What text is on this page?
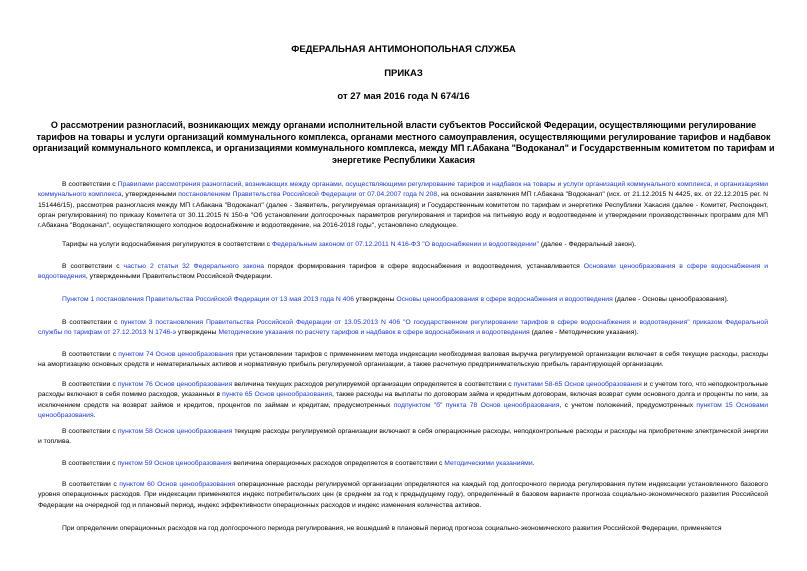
ФЕДЕРАЛЬНАЯ АНТИМОНОПОЛЬНАЯ СЛУЖБА
ПРИКАЗ
от 27 мая 2016 года N 674/16
О рассмотрении разногласий, возникающих между органами исполнительной власти субъектов Российской Федерации, осуществляющими регулирование тарифов на товары и услуги организаций коммунального комплекса, органами местного самоуправления, осуществляющими регулирование тарифов и надбавок организаций коммунального комплекса, и организациями коммунального комплекса, между МП г.Абакана "Водоканал" и Государственным комитетом по тарифам и энергетике Республики Хакасия

В соответствии с Правилами рассмотрения разногласий, возникающих между органами, осуществляющими регулирование тарифов и надбавок на товары и услуги организаций коммунального комплекса, и организациями коммунального комплекса, утвержденными постановлением Правительства Российской Федерации от 07.04.2007 года N 208, на основании заявления МП г.Абакана "Водоканал" (исх. от 21.12.2015 N 4425, вх. от 22.12.2015 рег. N 151446/15), рассмотрев разногласия между МП г.Абакана "Водоканал" (далее - Заявитель, регулируемая организация) и Государственным комитетом по тарифам и энергетике Республики Хакасия (далее - Комитет, Респондент, орган регулирования) по приказу Комитета от 30.11.2015 N 150-в "Об установлении долгосрочных параметров регулирования и тарифов на питьевую воду и водоотведение и утверждении производственных программ для МП г.Абакана "Водоканал", осуществляющего холодное водоснабжение и водоотведение, на 2016-2018 годы", установлено следующее.

Тарифы на услуги водоснабжения регулируются в соответствии с Федеральным законом от 07.12.2011 N 416-ФЗ "О водоснабжении и водоотведении" (далее - Федеральный закон).

В соответствии с частью 2 статьи 32 Федерального закона порядок формирования тарифов в сфере водоснабжения и водоотведения, устанавливается Основами ценообразования в сфере водоснабжения и водоотведения, утвержденными Правительством Российской Федерации.

Пунктом 1 постановления Правительства Российской Федерации от 13 мая 2013 года N 406 утверждены Основы ценообразования в сфере водоснабжения и водоотведения (далее - Основы ценообразования).

В соответствии с пунктом 3 постановления Правительства Российской Федерации от 13.05.2013 N 406 "О государственном регулировании тарифов в сфере водоснабжения и водоотведения" приказом Федеральной службы по тарифам от 27.12.2013 N 1746-э утверждены Методические указания по расчету тарифов и надбавок в сфере водоснабжения и водоотведения (далее - Методические указания).

В соответствии с пунктом 74 Основ ценообразования при установлении тарифов с применением метода индексации необходимая валовая выручка регулируемой организации включает в себя текущие расходы, расходы на амортизацию основных средств и нематериальных активов и нормативную прибыль регулируемой организации, а также расчетную предпринимательскую прибыль гарантирующей организации.

В соответствии с пунктом 76 Основ ценообразования величина текущих расходов регулируемой организации определяется в соответствии с пунктами 58-65 Основ ценообразования и с учетом того, что неподконтрольные расходы включают в себя помимо расходов, указанных в пункте 65 Основ ценообразования, также расходы на выплаты по договорам займа и кредитным договорам, включая возврат сумм основного долга и проценты по ним, за исключением средств на возврат займов и кредитов, процентов по займам и кредитам, предусмотренных подпунктом "б" пункта 78 Основ ценообразования, с учетом положений, предусмотренных пунктом 15 Основами ценообразования.

В соответствии с пунктом 58 Основ ценообразования текущие расходы регулируемой организации включают в себя операционные расходы, неподконтрольные расходы и расходы на приобретение электрической энергии и топлива.

В соответствии с пунктом 59 Основ ценообразования величина операционных расходов определяется в соответствии с Методическими указаниями.

В соответствии с пунктом 60 Основ ценообразования операционные расходы регулируемой организации определяются на каждый год долгосрочного периода регулирования путем индексации установленного базового уровня операционных расходов. При индексации применяются индекс потребительских цен (в среднем за год к предыдущему году), определенный в базовом варианте прогноза социально-экономического развития Российской Федерации на очередной год и плановый период, индекс эффективности операционных расходов и индекс изменения количества активов.

При определении операционных расходов на год долгосрочного периода регулирования, не вошедший в плановый период прогноза социально-экономического развития Российской Федерации, применяется
